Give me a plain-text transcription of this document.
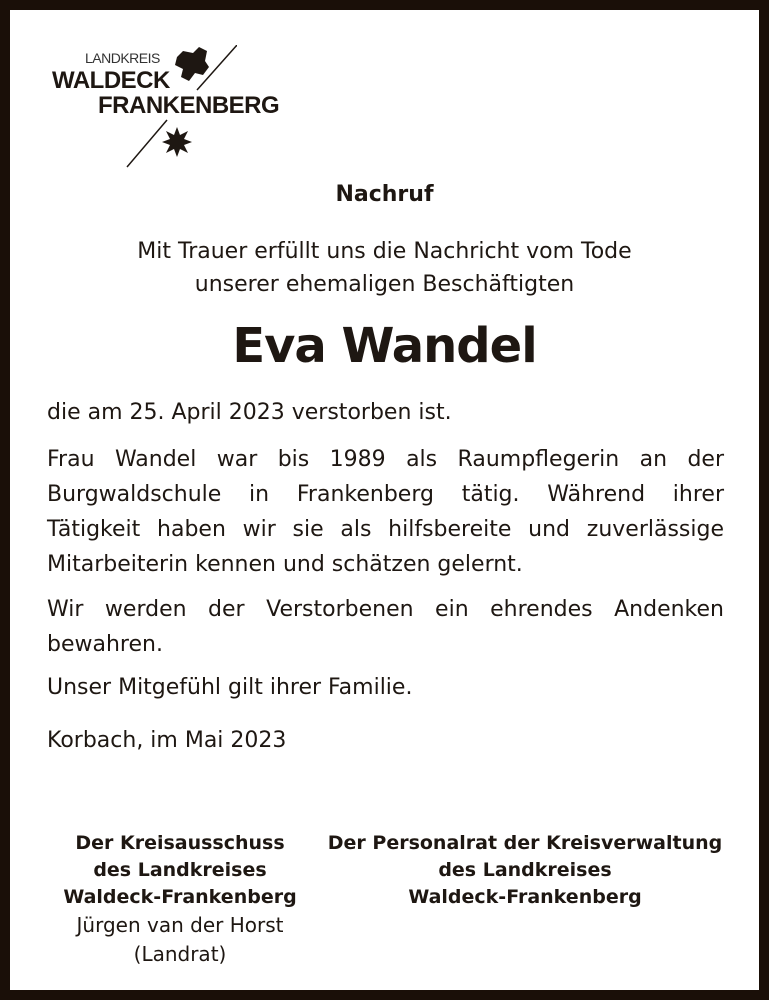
LANDKREIS
WALDECK
FRANKENBERG
Nachruf
Mit Trauer erfüllt uns die Nachricht vom Tode
unserer ehemaligen Beschäftigten
Eva Wandel
die am 25. April 2023 verstorben ist.
Frau Wandel war bis 1989 als Raumpflegerin an der
Burgwaldschule in Frankenberg tätig. Während ihrer
Tätigkeit haben wir sie als hilfsbereite und zuverlässige
Mitarbeiterin kennen und schätzen gelernt.
Wir werden der Verstorbenen ein ehrendes Andenken
bewahren.
Unser Mitgefühl gilt ihrer Familie.
Korbach, im Mai 2023
Der Kreisausschuss
des Landkreises
Waldeck-Frankenberg
Jürgen van der Horst
(Landrat)
Der Personalrat der Kreisverwaltung
des Landkreises
Waldeck-Frankenberg
